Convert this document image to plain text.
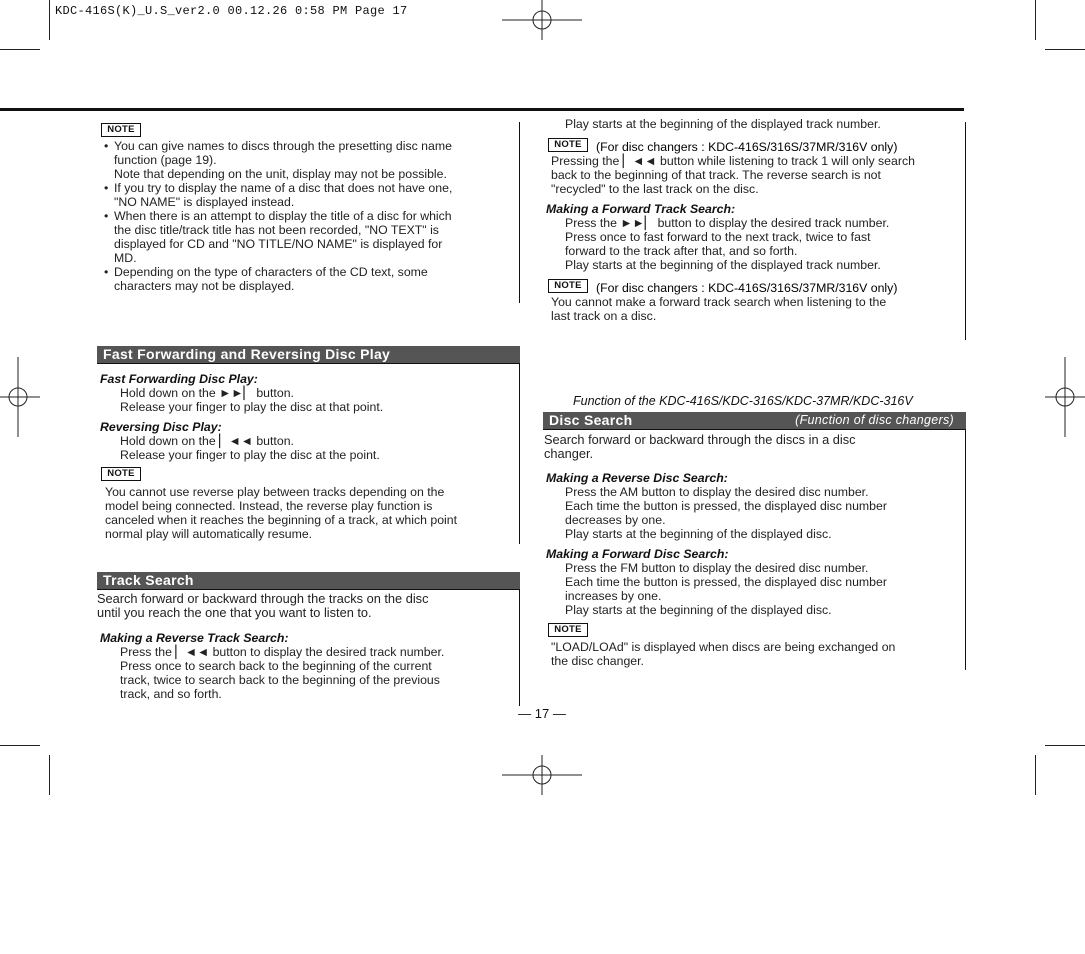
KDC-416S(K)_U.S_ver2.0 00.12.26 0:58 PM Page 17
NOTE
• You can give names to discs through the presetting disc name
function (page 19).
Note that depending on the unit, display may not be possible.
• If you try to display the name of a disc that does not have one,
"NO NAME" is displayed instead.
• When there is an attempt to display the title of a disc for which
the disc title/track title has not been recorded, "NO TEXT" is
displayed for CD and "NO TITLE/NO NAME" is displayed for
MD.
• Depending on the type of characters of the CD text, some
characters may not be displayed.
Fast Forwarding and Reversing Disc Play
Fast Forwarding Disc Play:
Hold down on the ►►▏ button.
Release your finger to play the disc at that point.
Reversing Disc Play:
Hold down on the ▏◄◄ button.
Release your finger to play the disc at the point.
NOTE
You cannot use reverse play between tracks depending on the
model being connected. Instead, the reverse play function is
canceled when it reaches the beginning of a track, at which point
normal play will automatically resume.
Track Search
Search forward or backward through the tracks on the disc
until you reach the one that you want to listen to.
Making a Reverse Track Search:
Press the ▏◄◄ button to display the desired track number.
Press once to search back to the beginning of the current
track, twice to search back to the beginning of the previous
track, and so forth.
Play starts at the beginning of the displayed track number.
NOTE	(For disc changers : KDC-416S/316S/37MR/316V only)
Pressing the ▏◄◄ button while listening to track 1 will only search
back to the beginning of that track. The reverse search is not
"recycled" to the last track on the disc.
Making a Forward Track Search:
Press the ►►▏ button to display the desired track number.
Press once to fast forward to the next track, twice to fast
forward to the track after that, and so forth.
Play starts at the beginning of the displayed track number.
NOTE	(For disc changers : KDC-416S/316S/37MR/316V only)
You cannot make a forward track search when listening to the
last track on a disc.
Function of the KDC-416S/KDC-316S/KDC-37MR/KDC-316V
Disc Search	(Function of disc changers)
Search forward or backward through the discs in a disc
changer.
Making a Reverse Disc Search:
Press the AM button to display the desired disc number.
Each time the button is pressed, the displayed disc number
decreases by one.
Play starts at the beginning of the displayed disc.
Making a Forward Disc Search:
Press the FM button to display the desired disc number.
Each time the button is pressed, the displayed disc number
increases by one.
Play starts at the beginning of the displayed disc.
NOTE
"LOAD/LOAd" is displayed when discs are being exchanged on
the disc changer.
— 17 —
